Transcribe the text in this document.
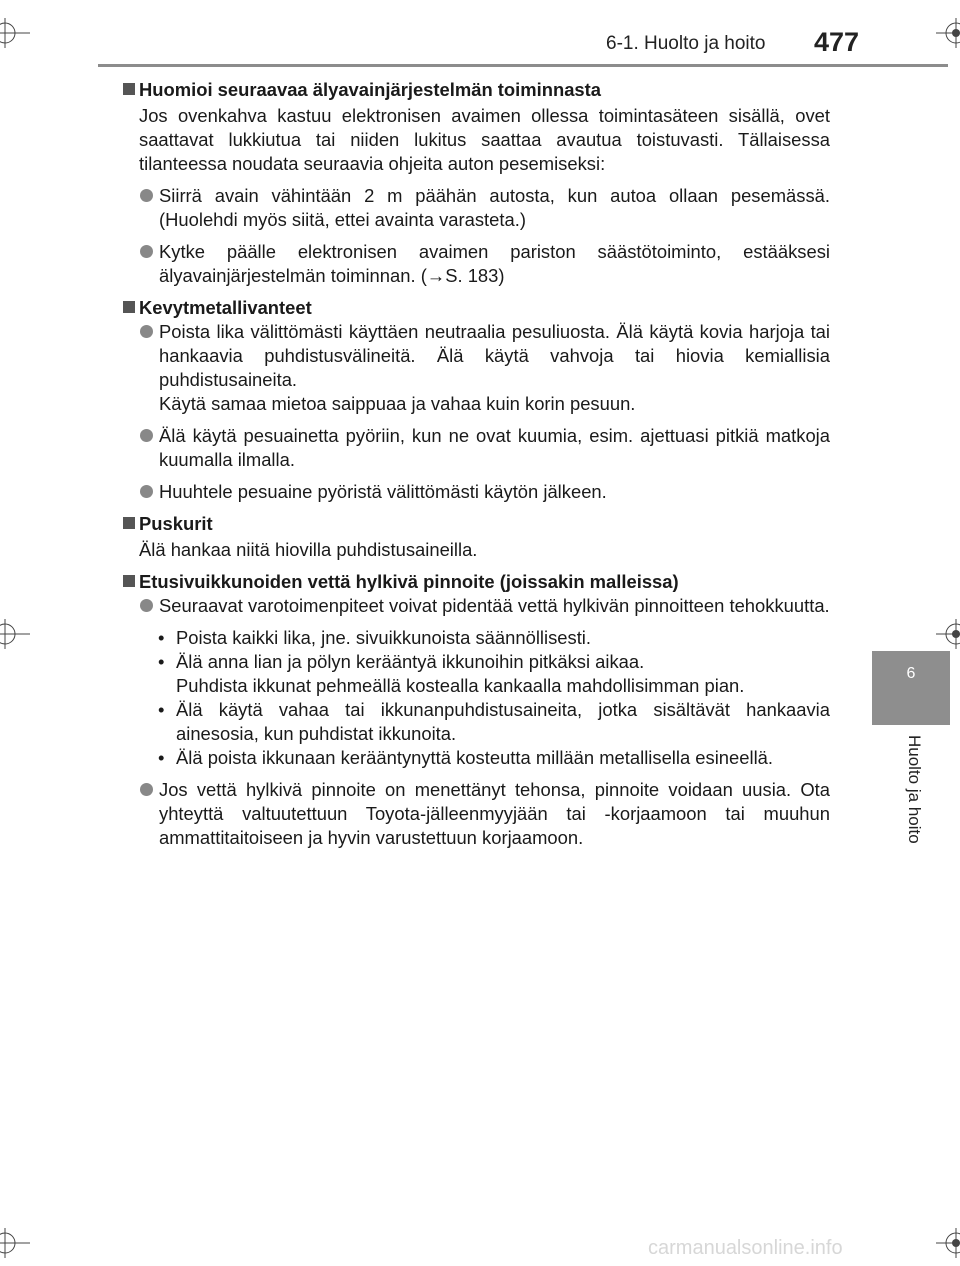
6-1. Huolto ja hoito 477
6
Huolto ja hoito
Huomioi seuraavaa älyavainjärjestelmän toiminnasta

Jos ovenkahva kastuu elektronisen avaimen ollessa toimintasäteen sisällä, ovet saattavat lukkiutua tai niiden lukitus saattaa avautua toistuvasti. Tällaisessa tilanteessa noudata seuraavia ohjeita auton pesemiseksi:

Siirrä avain vähintään 2 m päähän autosta, kun autoa ollaan pesemässä. (Huolehdi myös siitä, ettei avainta varasteta.)

Kytke päälle elektronisen avaimen pariston säästötoiminto, estääksesi älyavainjärjestelmän toiminnan. (→S. 183)

Kevytmetallivanteet
Poista lika välittömästi käyttäen neutraalia pesuliuosta. Älä käytä kovia harjoja tai hankaavia puhdistusvälineitä. Älä käytä vahvoja tai hiovia kemiallisia puhdistusaineita.
Käytä samaa mietoa saippuaa ja vahaa kuin korin pesuun.

Älä käytä pesuainetta pyöriin, kun ne ovat kuumia, esim. ajettuasi pitkiä matkoja kuumalla ilmalla.

Huuhtele pesuaine pyöristä välittömästi käytön jälkeen.

Puskurit

Älä hankaa niitä hiovilla puhdistusaineilla.

Etusivuikkunoiden vettä hylkivä pinnoite (joissakin malleissa)
Seuraavat varotoimenpiteet voivat pidentää vettä hylkivän pinnoitteen tehokkuutta.
• Poista kaikki lika, jne. sivuikkunoista säännöllisesti.
• Älä anna lian ja pölyn kerääntyä ikkunoihin pitkäksi aikaa.
Puhdista ikkunat pehmeällä kostealla kankaalla mahdollisimman pian.
• Älä käytä vahaa tai ikkunanpuhdistusaineita, jotka sisältävät hankaavia ainesosia, kun puhdistat ikkunoita.
• Älä poista ikkunaan kerääntynyttä kosteutta millään metallisella esineellä.

Jos vettä hylkivä pinnoite on menettänyt tehonsa, pinnoite voidaan uusia. Ota yhteyttä valtuutettuun Toyota-jälleenmyyjään tai -korjaamoon tai muuhun ammattitaitoiseen ja hyvin varustettuun korjaamoon.

carmanualsonline.info
